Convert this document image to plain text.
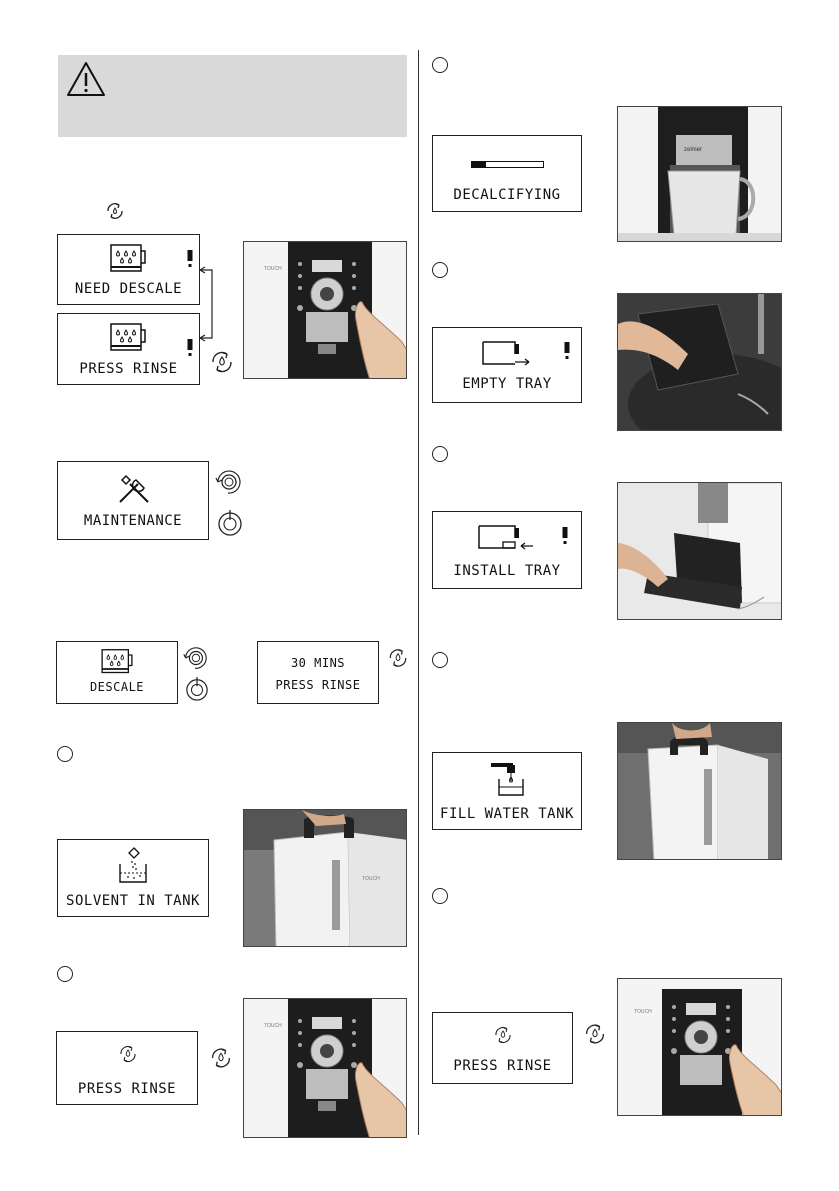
NEED DESCALE
PRESS RINSE
TOUCH
MAINTENANCE
DESCALE
30 MINS
PRESS RINSE
SOLVENT IN TANK
TOUCH
PRESS RINSE
TOUCH
DECALCIFYING
zelmer
EMPTY TRAY
INSTALL TRAY
FILL WATER TANK
PRESS RINSE
TOUCH
